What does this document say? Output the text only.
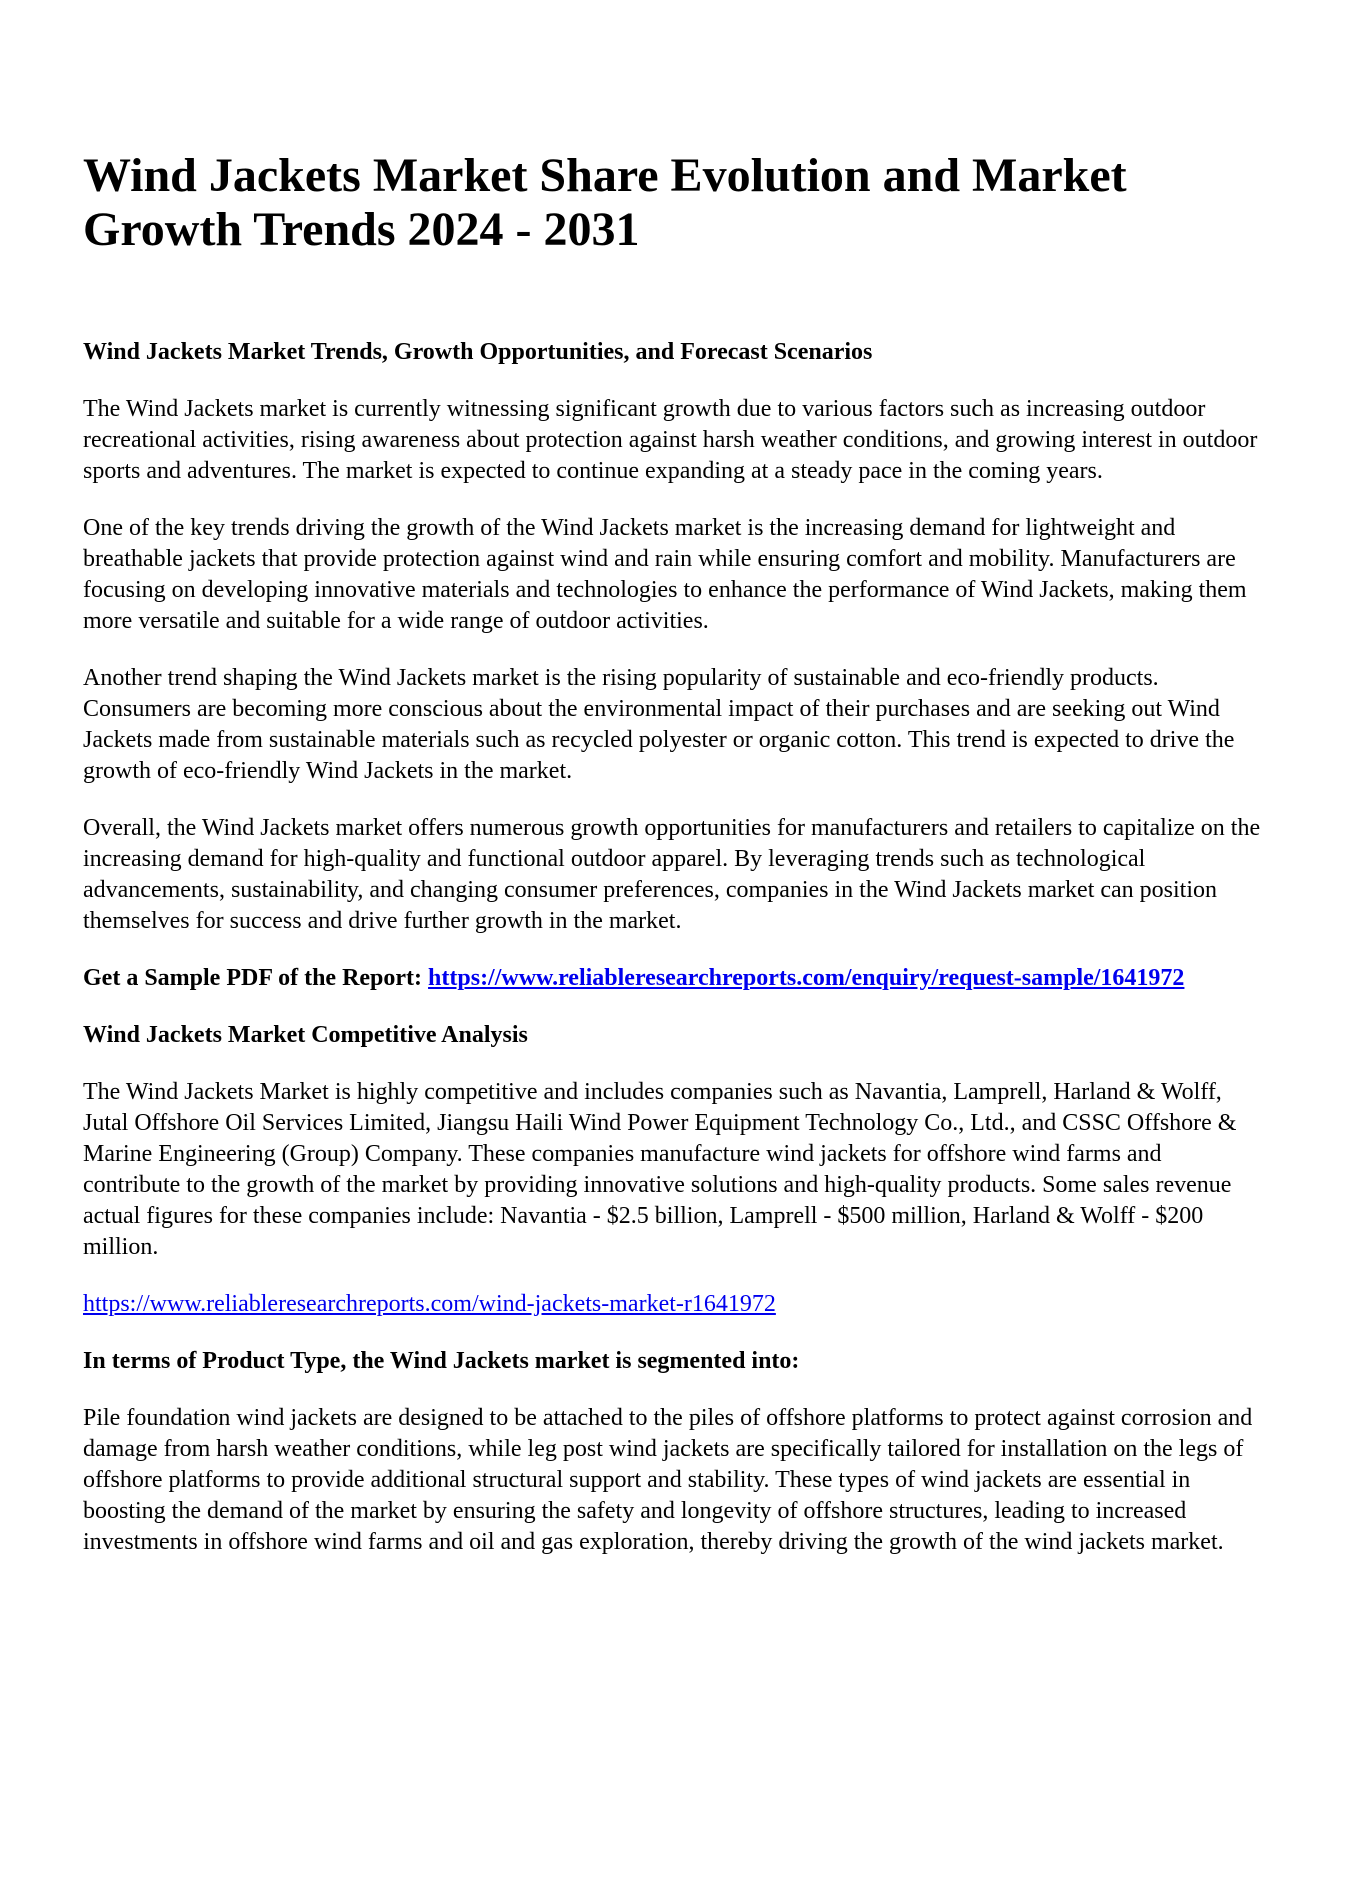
Wind Jackets Market Share Evolution and Market Growth Trends 2024 - 2031
Wind Jackets Market Trends, Growth Opportunities, and Forecast Scenarios

The Wind Jackets market is currently witnessing significant growth due to various factors such as increasing outdoor recreational activities, rising awareness about protection against harsh weather conditions, and growing interest in outdoor sports and adventures. The market is expected to continue expanding at a steady pace in the coming years.

One of the key trends driving the growth of the Wind Jackets market is the increasing demand for lightweight and breathable jackets that provide protection against wind and rain while ensuring comfort and mobility. Manufacturers are focusing on developing innovative materials and technologies to enhance the performance of Wind Jackets, making them more versatile and suitable for a wide range of outdoor activities.

Another trend shaping the Wind Jackets market is the rising popularity of sustainable and eco-friendly products. Consumers are becoming more conscious about the environmental impact of their purchases and are seeking out Wind Jackets made from sustainable materials such as recycled polyester or organic cotton. This trend is expected to drive the growth of eco-friendly Wind Jackets in the market.

Overall, the Wind Jackets market offers numerous growth opportunities for manufacturers and retailers to capitalize on the increasing demand for high-quality and functional outdoor apparel. By leveraging trends such as technological advancements, sustainability, and changing consumer preferences, companies in the Wind Jackets market can position themselves for success and drive further growth in the market.

Get a Sample PDF of the Report: https://www.reliableresearchreports.com/enquiry/request-sample/1641972

Wind Jackets Market Competitive Analysis

The Wind Jackets Market is highly competitive and includes companies such as Navantia, Lamprell, Harland & Wolff, Jutal Offshore Oil Services Limited, Jiangsu Haili Wind Power Equipment Technology Co., Ltd., and CSSC Offshore & Marine Engineering (Group) Company. These companies manufacture wind jackets for offshore wind farms and contribute to the growth of the market by providing innovative solutions and high-quality products. Some sales revenue actual figures for these companies include: Navantia - $2.5 billion, Lamprell - $500 million, Harland & Wolff - $200 million.

https://www.reliableresearchreports.com/wind-jackets-market-r1641972

In terms of Product Type, the Wind Jackets market is segmented into:

Pile foundation wind jackets are designed to be attached to the piles of offshore platforms to protect against corrosion and damage from harsh weather conditions, while leg post wind jackets are specifically tailored for installation on the legs of offshore platforms to provide additional structural support and stability. These types of wind jackets are essential in boosting the demand of the market by ensuring the safety and longevity of offshore structures, leading to increased investments in offshore wind farms and oil and gas exploration, thereby driving the growth of the wind jackets market.
